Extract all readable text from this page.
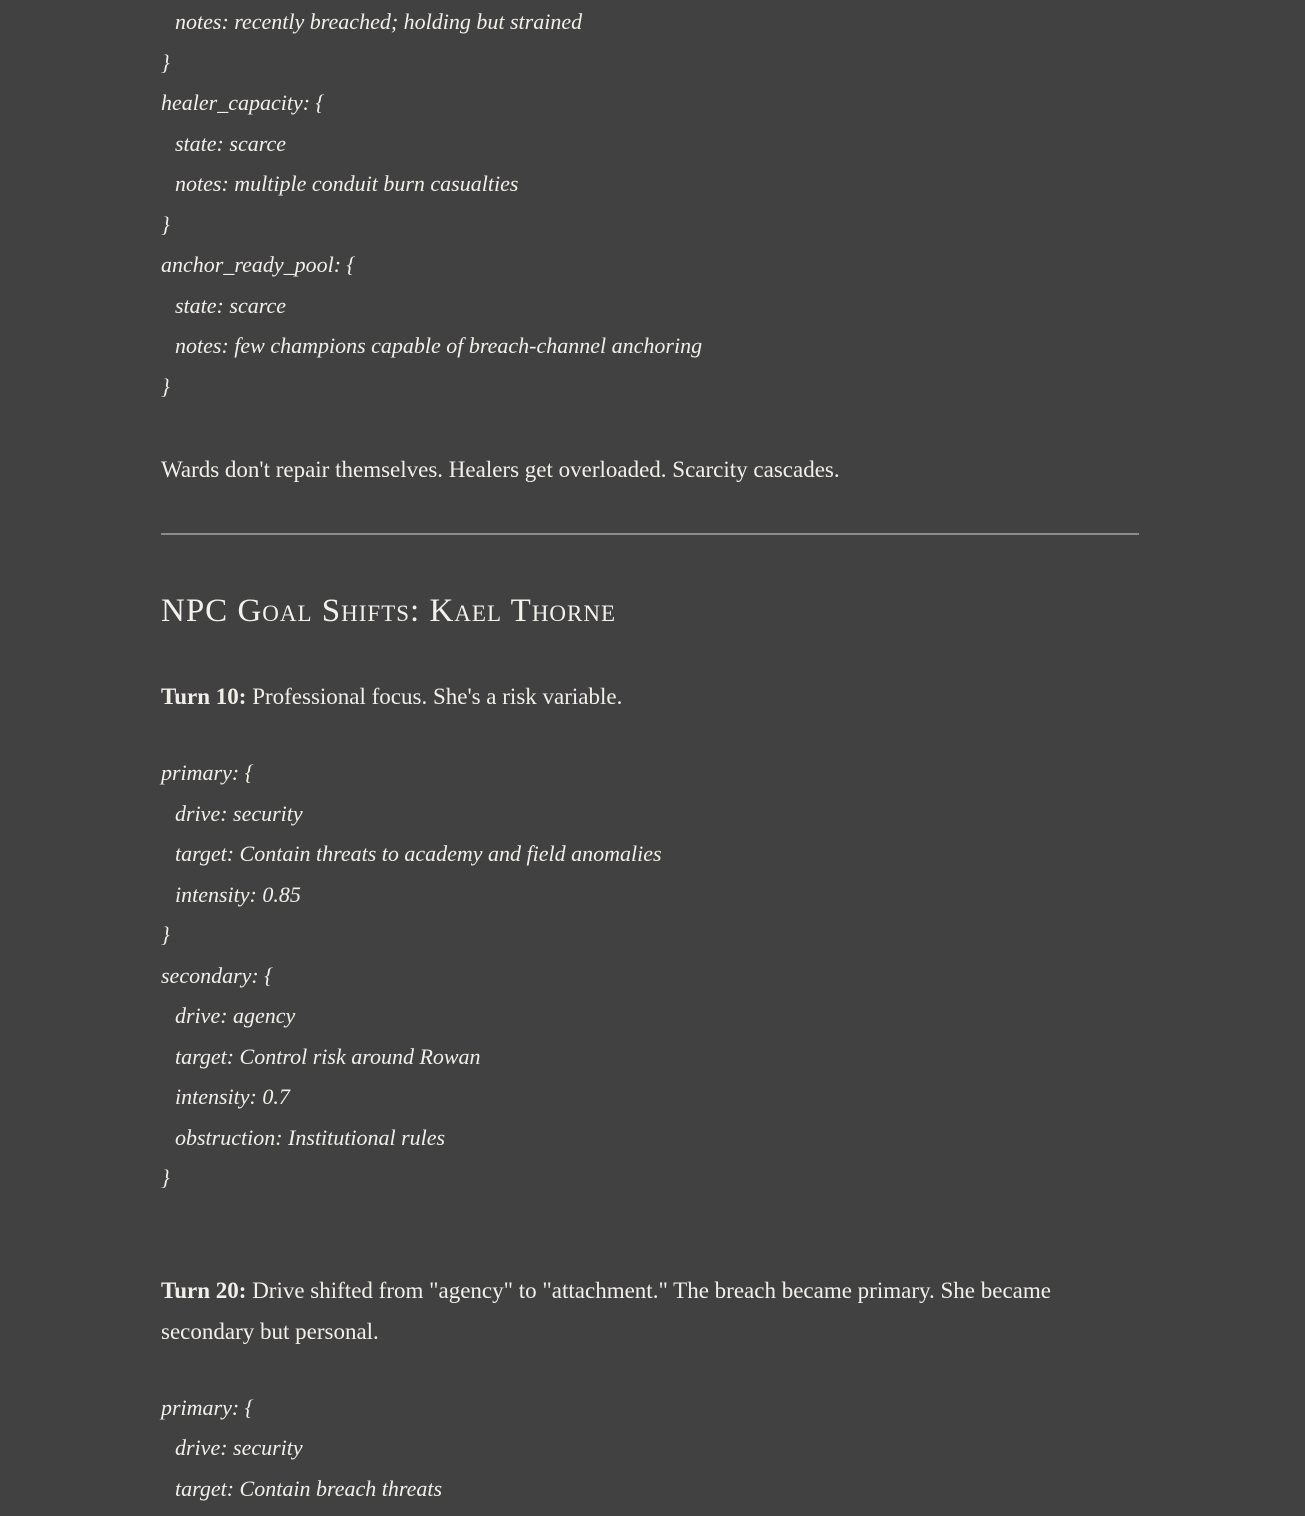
notes: recently breached; holding but strained
}
healer_capacity: {
state: scarce
notes: multiple conduit burn casualties
}
anchor_ready_pool: {
state: scarce
notes: few champions capable of breach-channel anchoring
}

Wards don't repair themselves. Healers get overloaded. Scarcity cascades.

NPC Goal Shifts: Kael Thorne

Turn 10: Professional focus. She's a risk variable.

primary: {
drive: security
target: Contain threats to academy and field anomalies
intensity: 0.85
}
secondary: {
drive: agency
target: Control risk around Rowan
intensity: 0.7
obstruction: Institutional rules
}

Turn 20: Drive shifted from "agency" to "attachment." The breach became primary. She became secondary but personal.

primary: {
drive: security
target: Contain breach threats
